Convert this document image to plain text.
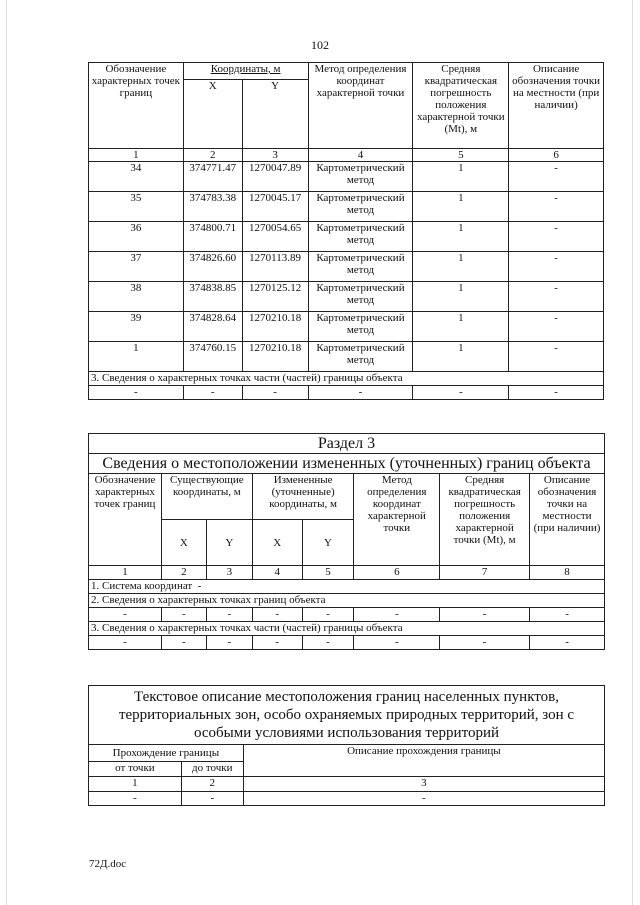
102
Обозначение характерных точек границ	Координаты, м		Метод определения координат характерной точки	Средняя квадратическая погрешность положения характерной точки (Mt), м	Описание обозначения точки на местности (при наличии)
	X	Y			
1	2	3	4	5	6
34	374771.47	1270047.89	Картометрический метод	1	-
35	374783.38	1270045.17	Картометрический метод	1	-
36	374800.71	1270054.65	Картометрический метод	1	-
37	374826.60	1270113.89	Картометрический метод	1	-
38	374838.85	1270125.12	Картометрический метод	1	-
39	374828.64	1270210.18	Картометрический метод	1	-
1	374760.15	1270210.18	Картометрический метод	1	-
3. Сведения о характерных точках части (частей) границы объекта					
-	-	-	-	-	-
Раздел 3							
Сведения о местоположении измененных (уточненных) границ объекта							
Обозначение характерных точек границ	Существующие координаты, м		Измененные (уточненные) координаты, м		Метод определения координат характерной точки	Средняя квадратическая погрешность положения характерной точки (Mt), м	Описание обозначения точки на местности (при наличии)
	X	Y	X	Y			
1	2	3	4	5	6	7	8
1. Система координат -							
2. Сведения о характерных точках границ объекта							
-	-	-	-	-	-	-	-
3. Сведения о характерных точках части (частей) границы объекта							
-	-	-	-	-	-	-	-
Текстовое описание местоположения границ населенных пунктов, территориальных зон, особо охраняемых природных территорий, зон с особыми условиями использования территорий		
Прохождение границы		Описание прохождения границы
от точки	до точки	
1	2	3
-	-	-
72Д.doc
